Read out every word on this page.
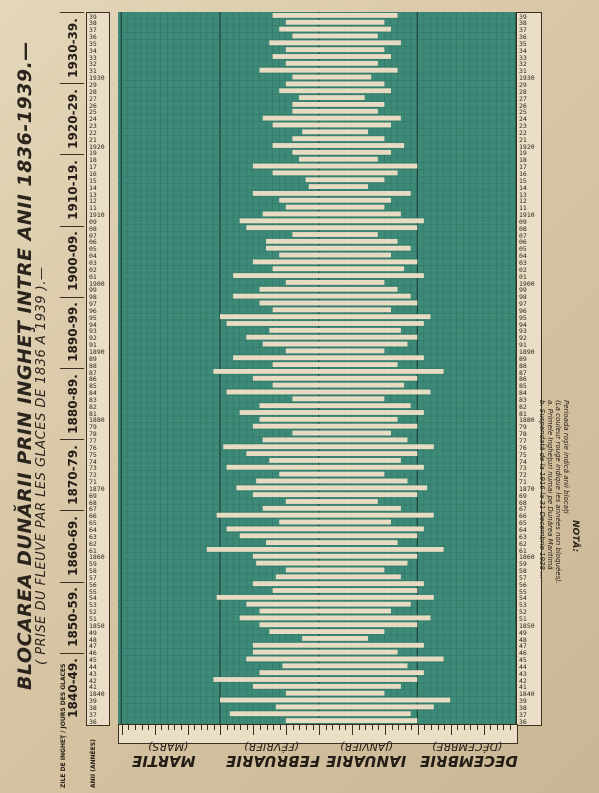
BLOCAREA DUNĂRII PRIN INGHEŢ INTRE ANII 1836-1939.—
( PRISE DU FLEUVE PAR LES GLACES DE 1836 A 1939 ).—
1840-49.
1850-59.
1860-69.
1870-79.
1880-89.
1890-99.
1900-09.
1910-19.
1920-29.
1930-39.
36
37
38
39
1840
41
42
43
44
45
46
47
48
49
1850
51
52
53
54
55
56
57
58
59
1860
61
62
63
64
65
66
67
68
69
1870
71
72
73
74
75
76
77
78
79
1880
81
82
83
84
85
86
87
88
89
1890
91
92
93
94
95
96
97
98
99
1900
01
02
03
04
05
06
07
08
09
1910
11
12
13
14
15
16
17
18
19
1920
21
22
23
24
25
26
27
28
29
1930
31
32
33
34
35
36
37
38
39
36
37
38
39
1840
41
42
43
44
45
46
47
48
49
1850
51
52
53
54
55
56
57
58
59
1860
61
62
63
64
65
66
67
68
69
1870
71
72
73
74
75
76
77
78
79
1880
81
82
83
84
85
86
87
88
89
1890
91
92
93
94
95
96
97
98
99
1900
01
02
03
04
05
06
07
08
09
1910
11
12
13
14
15
16
17
18
19
1920
21
22
23
24
25
26
27
28
29
1930
31
32
33
34
35
36
37
38
39
MARTIE
(MARS)
FEBRUARIE
(FÉVRIER)
IANUARIE
(JANVIER)
DECEMBRIE
(DÉCEMBRE)
ZILE DE INGHEŢ / JOURS DES GLACES	ANII (ANNÉES)
NOTĂ:
Perioada roşie indică anii blocaţi
(La couleur rouge indique les années non bloquées).
a. Primele Ingheţuri numai pe Dunărea Maritimă
b. Suspendată de la 1916 la 31 Decembrie 1938 ...
